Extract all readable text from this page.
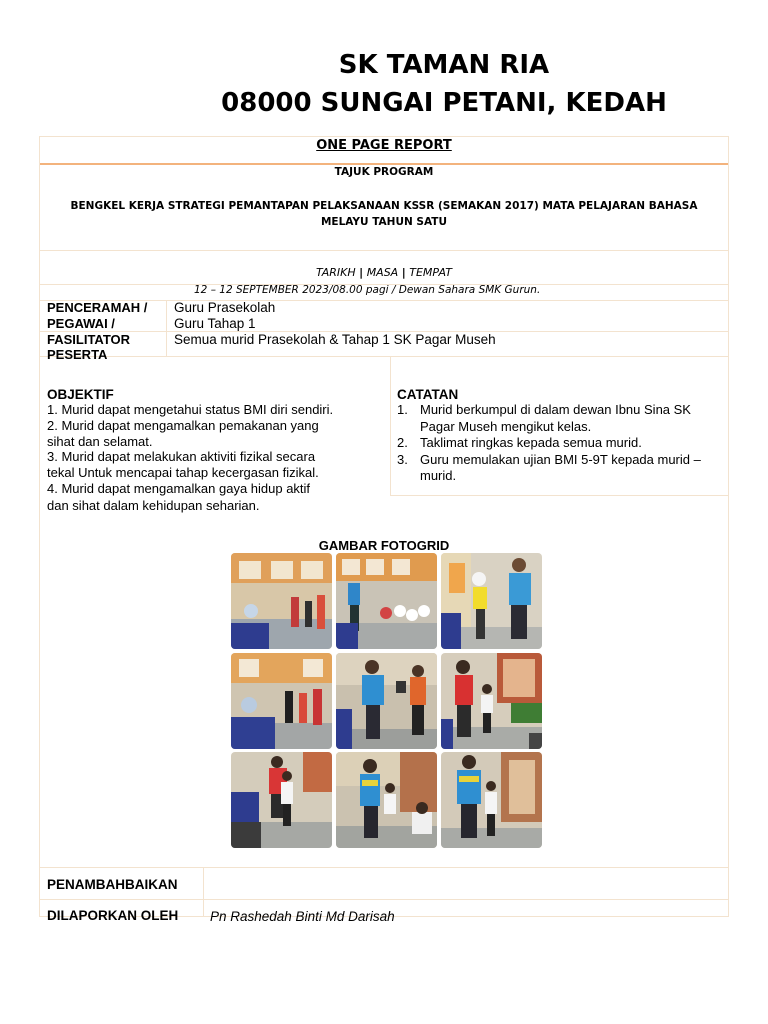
SK TAMAN RIA
08000 SUNGAI PETANI, KEDAH
ONE PAGE REPORT
TAJUK PROGRAM
BENGKEL KERJA STRATEGI PEMANTAPAN PELAKSANAAN KSSR (SEMAKAN 2017) MATA PELAJARAN BAHASA MELAYU TAHUN SATU
TARIKH | MASA | TEMPAT
12 – 12 SEPTEMBER 2023/08.00 pagi / Dewan Sahara SMK Gurun.
PENCERAMAH /
PEGAWAI /
FASILITATOR
Guru Prasekolah
Guru Tahap 1
PESERTA
Semua murid Prasekolah & Tahap 1 SK Pagar Museh
OBJEKTIF
1. Murid dapat mengetahui status BMI diri sendiri.
2. Murid dapat mengamalkan pemakanan yang
sihat dan selamat.
3. Murid dapat melakukan aktiviti fizikal secara
tekal Untuk mencapai tahap kecergasan fizikal.
4. Murid dapat mengamalkan gaya hidup aktif
dan sihat dalam kehidupan seharian.
CATATAN
1. Murid berkumpul di dalam dewan Ibnu Sina SK Pagar Museh mengikut kelas.
2. Taklimat ringkas kepada semua murid.
3. Guru memulakan ujian BMI 5-9T kepada murid – murid.
GAMBAR FOTOGRID
PENAMBAHBAIKAN
DILAPORKAN OLEH Pn Rashedah Binti Md Darisah
